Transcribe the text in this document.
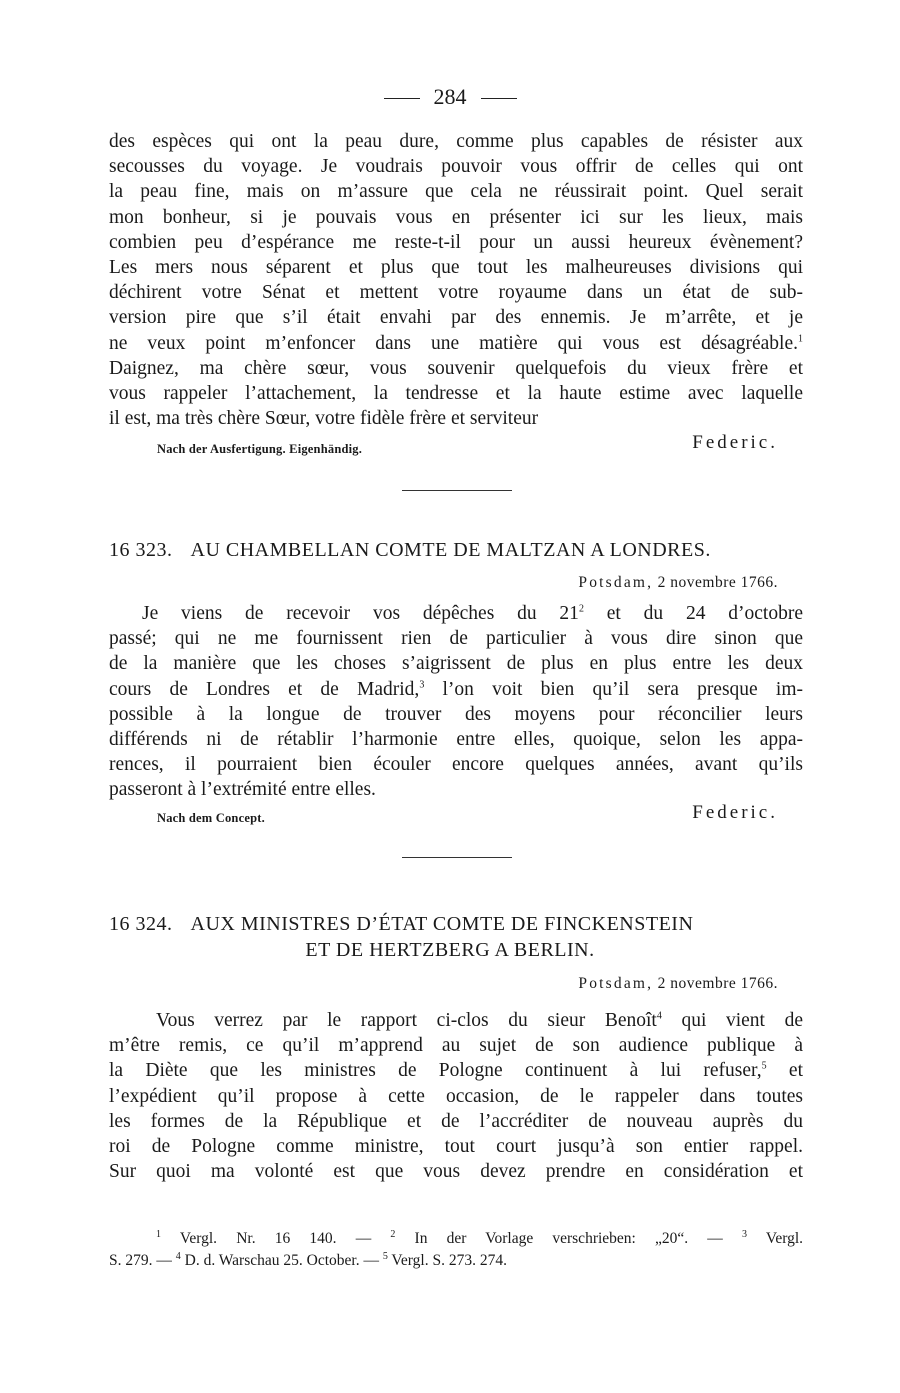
284
des espèces qui ont la peau dure, comme plus capables de résister aux
secousses du voyage. Je voudrais pouvoir vous offrir de celles qui ont
la peau fine, mais on m’assure que cela ne réussirait point. Quel serait
mon bonheur, si je pouvais vous en présenter ici sur les lieux, mais
combien peu d’espérance me reste-t-il pour un aussi heureux évènement?
Les mers nous séparent et plus que tout les malheureuses divisions qui
déchirent votre Sénat et mettent votre royaume dans un état de sub-
version pire que s’il était envahi par des ennemis. Je m’arrête, et je
ne veux point m’enfoncer dans une matière qui vous est désagréable.$^1$
Daignez, ma chère sœur, vous souvenir quelquefois du vieux frère et
vous rappeler l’attachement, la tendresse et la haute estime avec laquelle
il est, ma très chère Sœur, votre fidèle frère et serviteur
Nach der Ausfertigung. Eigenhändig.	Federic.
16 323. AU CHAMBELLAN COMTE DE MALTZAN A LONDRES.
Potsdam, 2 novembre 1766.
Je viens de recevoir vos dépêches du $21^2$ et du 24 d’octobre
passé; qui ne me fournissent rien de particulier à vous dire sinon que
de la manière que les choses s’aigrissent de plus en plus entre les deux
cours de Londres et de Madrid,$^3$ l’on voit bien qu’il sera presque im-
possible à la longue de trouver des moyens pour réconcilier leurs
différends ni de rétablir l’harmonie entre elles, quoique, selon les appa-
rences, il pourraient bien écouler encore quelques années, avant qu’ils
passeront à l’extrémité entre elles.
Nach dem Concept.	Federic.
16 324. AUX MINISTRES D’ÉTAT COMTE DE FINCKENSTEIN
ET DE HERTZBERG A BERLIN.
Potsdam, 2 novembre 1766.
Vous verrez par le rapport ci-clos du sieur Benoît$^4$ qui vient de
m’être remis, ce qu’il m’apprend au sujet de son audience publique à
la Diète que les ministres de Pologne continuent à lui refuser,$^5$ et
l’expédient qu’il propose à cette occasion, de le rappeler dans toutes
les formes de la République et de l’accréditer de nouveau auprès du
roi de Pologne comme ministre, tout court jusqu’à son entier rappel.
Sur quoi ma volonté est que vous devez prendre en considération et
$^1$ Vergl. Nr. 16 140. — $^2$ In der Vorlage verschrieben: „20“. — $^3$ Vergl.
S. 279. — $^4$ D. d. Warschau 25. October. — $^5$ Vergl. S. 273. 274.
